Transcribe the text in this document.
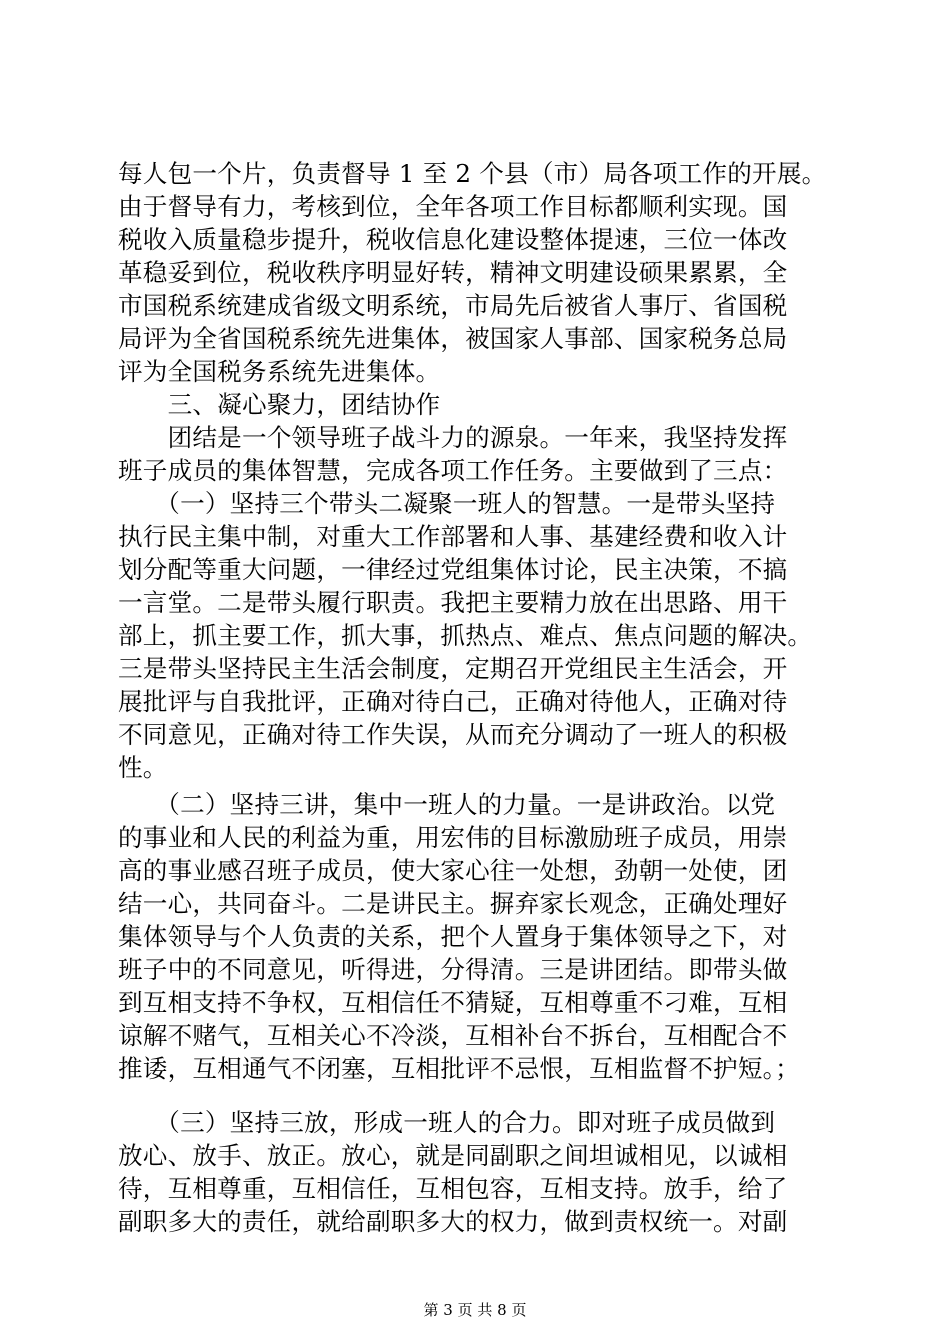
每人包一个片，负责督导 1 至 2 个县（市）局各项工作的开展。
由于督导有力，考核到位，全年各项工作目标都顺利实现。国
税收入质量稳步提升，税收信息化建设整体提速，三位一体改
革稳妥到位，税收秩序明显好转，精神文明建设硕果累累，全
市国税系统建成省级文明系统，市局先后被省人事厅、省国税
局评为全省国税系统先进集体，被国家人事部、国家税务总局
评为全国税务系统先进集体。
　　三、凝心聚力，团结协作
　　团结是一个领导班子战斗力的源泉。一年来，我坚持发挥
班子成员的集体智慧，完成各项工作任务。主要做到了三点：
　　（一）坚持三个带头二凝聚一班人的智慧。一是带头坚持
执行民主集中制，对重大工作部署和人事、基建经费和收入计
划分配等重大问题，一律经过党组集体讨论，民主决策，不搞
一言堂。二是带头履行职责。我把主要精力放在出思路、用干
部上，抓主要工作，抓大事，抓热点、难点、焦点问题的解决。
三是带头坚持民主生活会制度，定期召开党组民主生活会，开
展批评与自我批评，正确对待白己，正确对待他人，正确对待
不同意见，正确对待工作失误，从而充分调动了一班人的积极
性。
　　（二）坚持三讲，集中一班人的力量。一是讲政治。以党
的事业和人民的利益为重，用宏伟的目标激励班子成员，用崇
高的事业感召班子成员，使大家心往一处想，劲朝一处使，团
结一心，共同奋斗。二是讲民主。摒弃家长观念，正确处理好
集体领导与个人负责的关系，把个人置身于集体领导之下，对
班子中的不同意见，听得进，分得清。三是讲团结。即带头做
到互相支持不争权，互相信任不猜疑，互相尊重不刁难，互相
谅解不赌气，互相关心不冷淡，互相补台不拆台，互相配合不
推诿，互相通气不闭塞，互相批评不忌恨，互相监督不护短。；
　　（三）坚持三放，形成一班人的合力。即对班子成员做到
放心、放手、放正。放心，就是同副职之间坦诚相见，以诚相
待，互相尊重，互相信任，互相包容，互相支持。放手，给了
副职多大的责任，就给副职多大的权力，做到责权统一。对副
第 3 页 共 8 页
